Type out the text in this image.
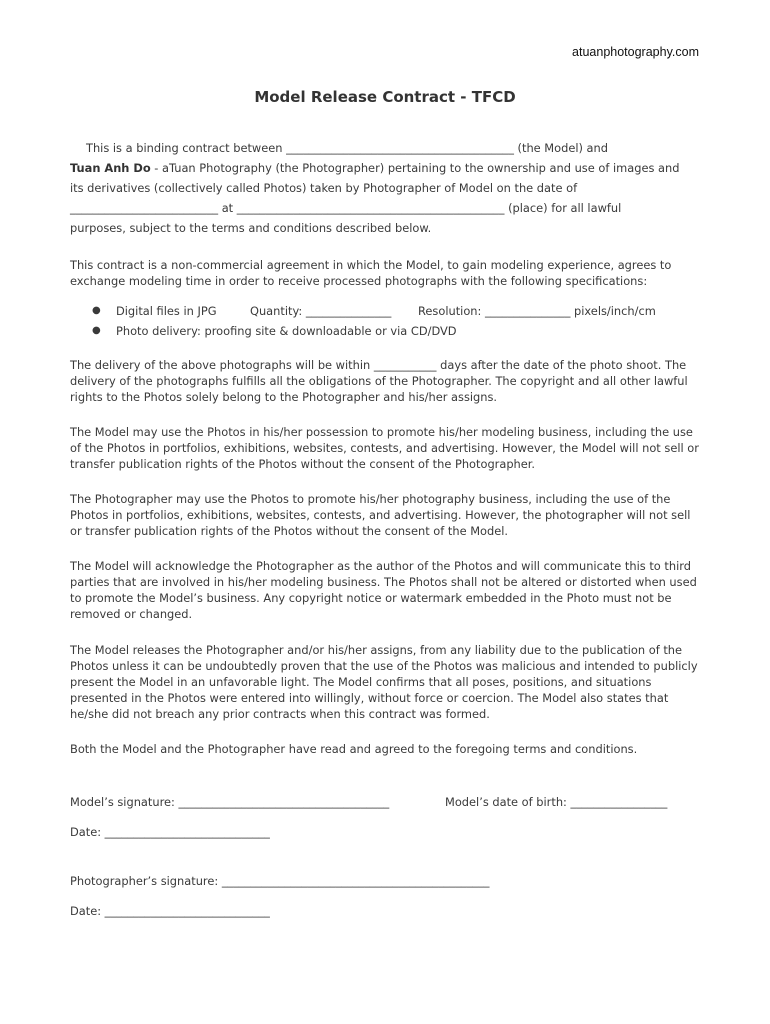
atuanphotography.com
Model Release Contract - TFCD
This is a binding contract between ________________________________________ (the Model) and
Tuan Anh Do - aTuan Photography (the Photographer) pertaining to the ownership and use of images and
its derivatives (collectively called Photos) taken by Photographer of Model on the date of
__________________________ at _______________________________________________ (place) for all lawful
purposes, subject to the terms and conditions described below.

This contract is a non-commercial agreement in which the Model, to gain modeling experience, agrees to exchange modeling time in order to receive processed photographs with the following specifications:

● Digital files in JPG	Quantity: _______________ Resolution: _______________ pixels/inch/cm
● Photo delivery: proofing site & downloadable or via CD/DVD

The delivery of the above photographs will be within ___________ days after the date of the photo shoot. The delivery of the photographs fulfills all the obligations of the Photographer. The copyright and all other lawful rights to the Photos solely belong to the Photographer and his/her assigns.

The Model may use the Photos in his/her possession to promote his/her modeling business, including the use of the Photos in portfolios, exhibitions, websites, contests, and advertising. However, the Model will not sell or transfer publication rights of the Photos without the consent of the Photographer.

The Photographer may use the Photos to promote his/her photography business, including the use of the Photos in portfolios, exhibitions, websites, contests, and advertising. However, the photographer will not sell or transfer publication rights of the Photos without the consent of the Model.

The Model will acknowledge the Photographer as the author of the Photos and will communicate this to third parties that are involved in his/her modeling business. The Photos shall not be altered or distorted when used to promote the Model’s business. Any copyright notice or watermark embedded in the Photo must not be removed or changed.

The Model releases the Photographer and/or his/her assigns, from any liability due to the publication of the Photos unless it can be undoubtedly proven that the use of the Photos was malicious and intended to publicly present the Model in an unfavorable light. The Model confirms that all poses, positions, and situations presented in the Photos were entered into willingly, without force or coercion. The Model also states that he/she did not breach any prior contracts when this contract was formed.

Both the Model and the Photographer have read and agreed to the foregoing terms and conditions.

Model’s signature: _____________________________________	Model’s date of birth: _________________
Date: _____________________________
Photographer’s signature: _______________________________________________
Date: _____________________________
